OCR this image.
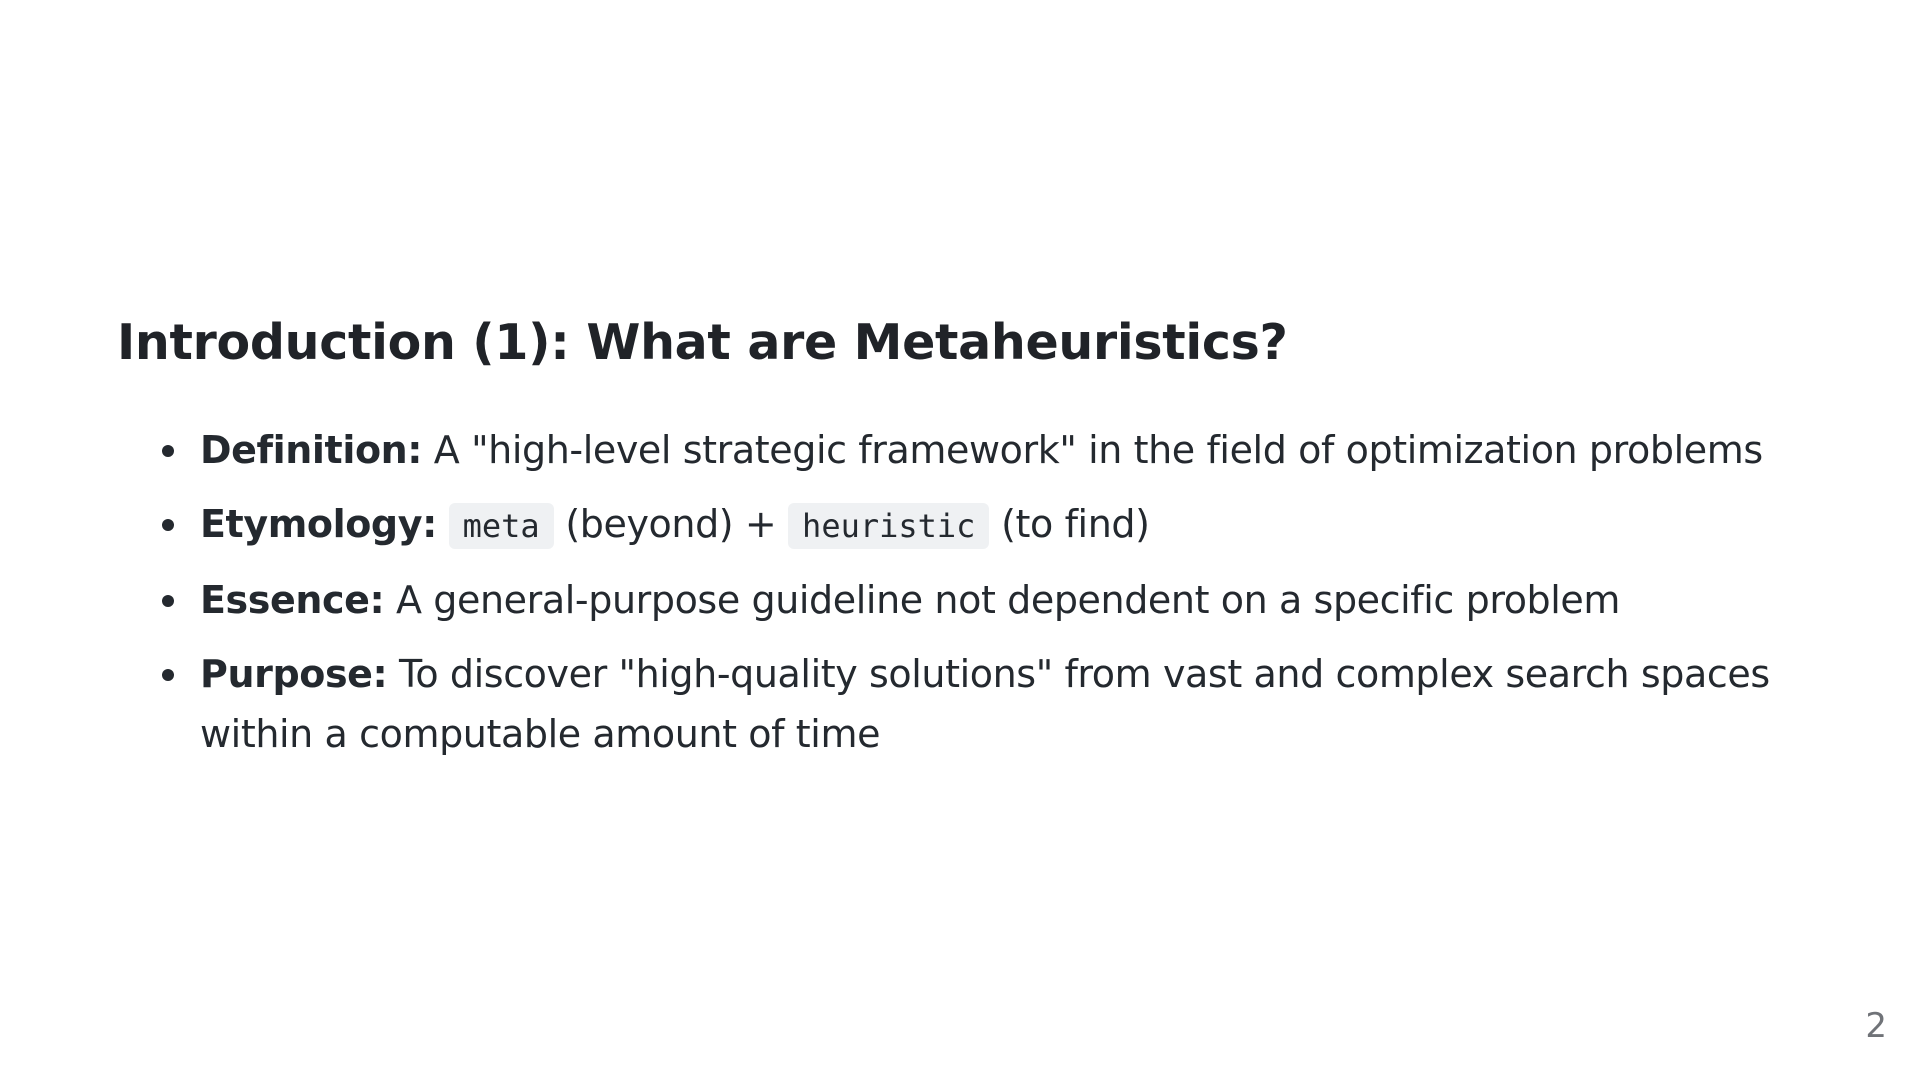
Introduction (1): What are Metaheuristics?
Definition: A "high-level strategic framework" in the field of optimization problems
Etymology: meta (beyond) + heuristic (to find)
Essence: A general-purpose guideline not dependent on a specific problem
Purpose: To discover "high-quality solutions" from vast and complex search spaces within a computable amount of time
2
